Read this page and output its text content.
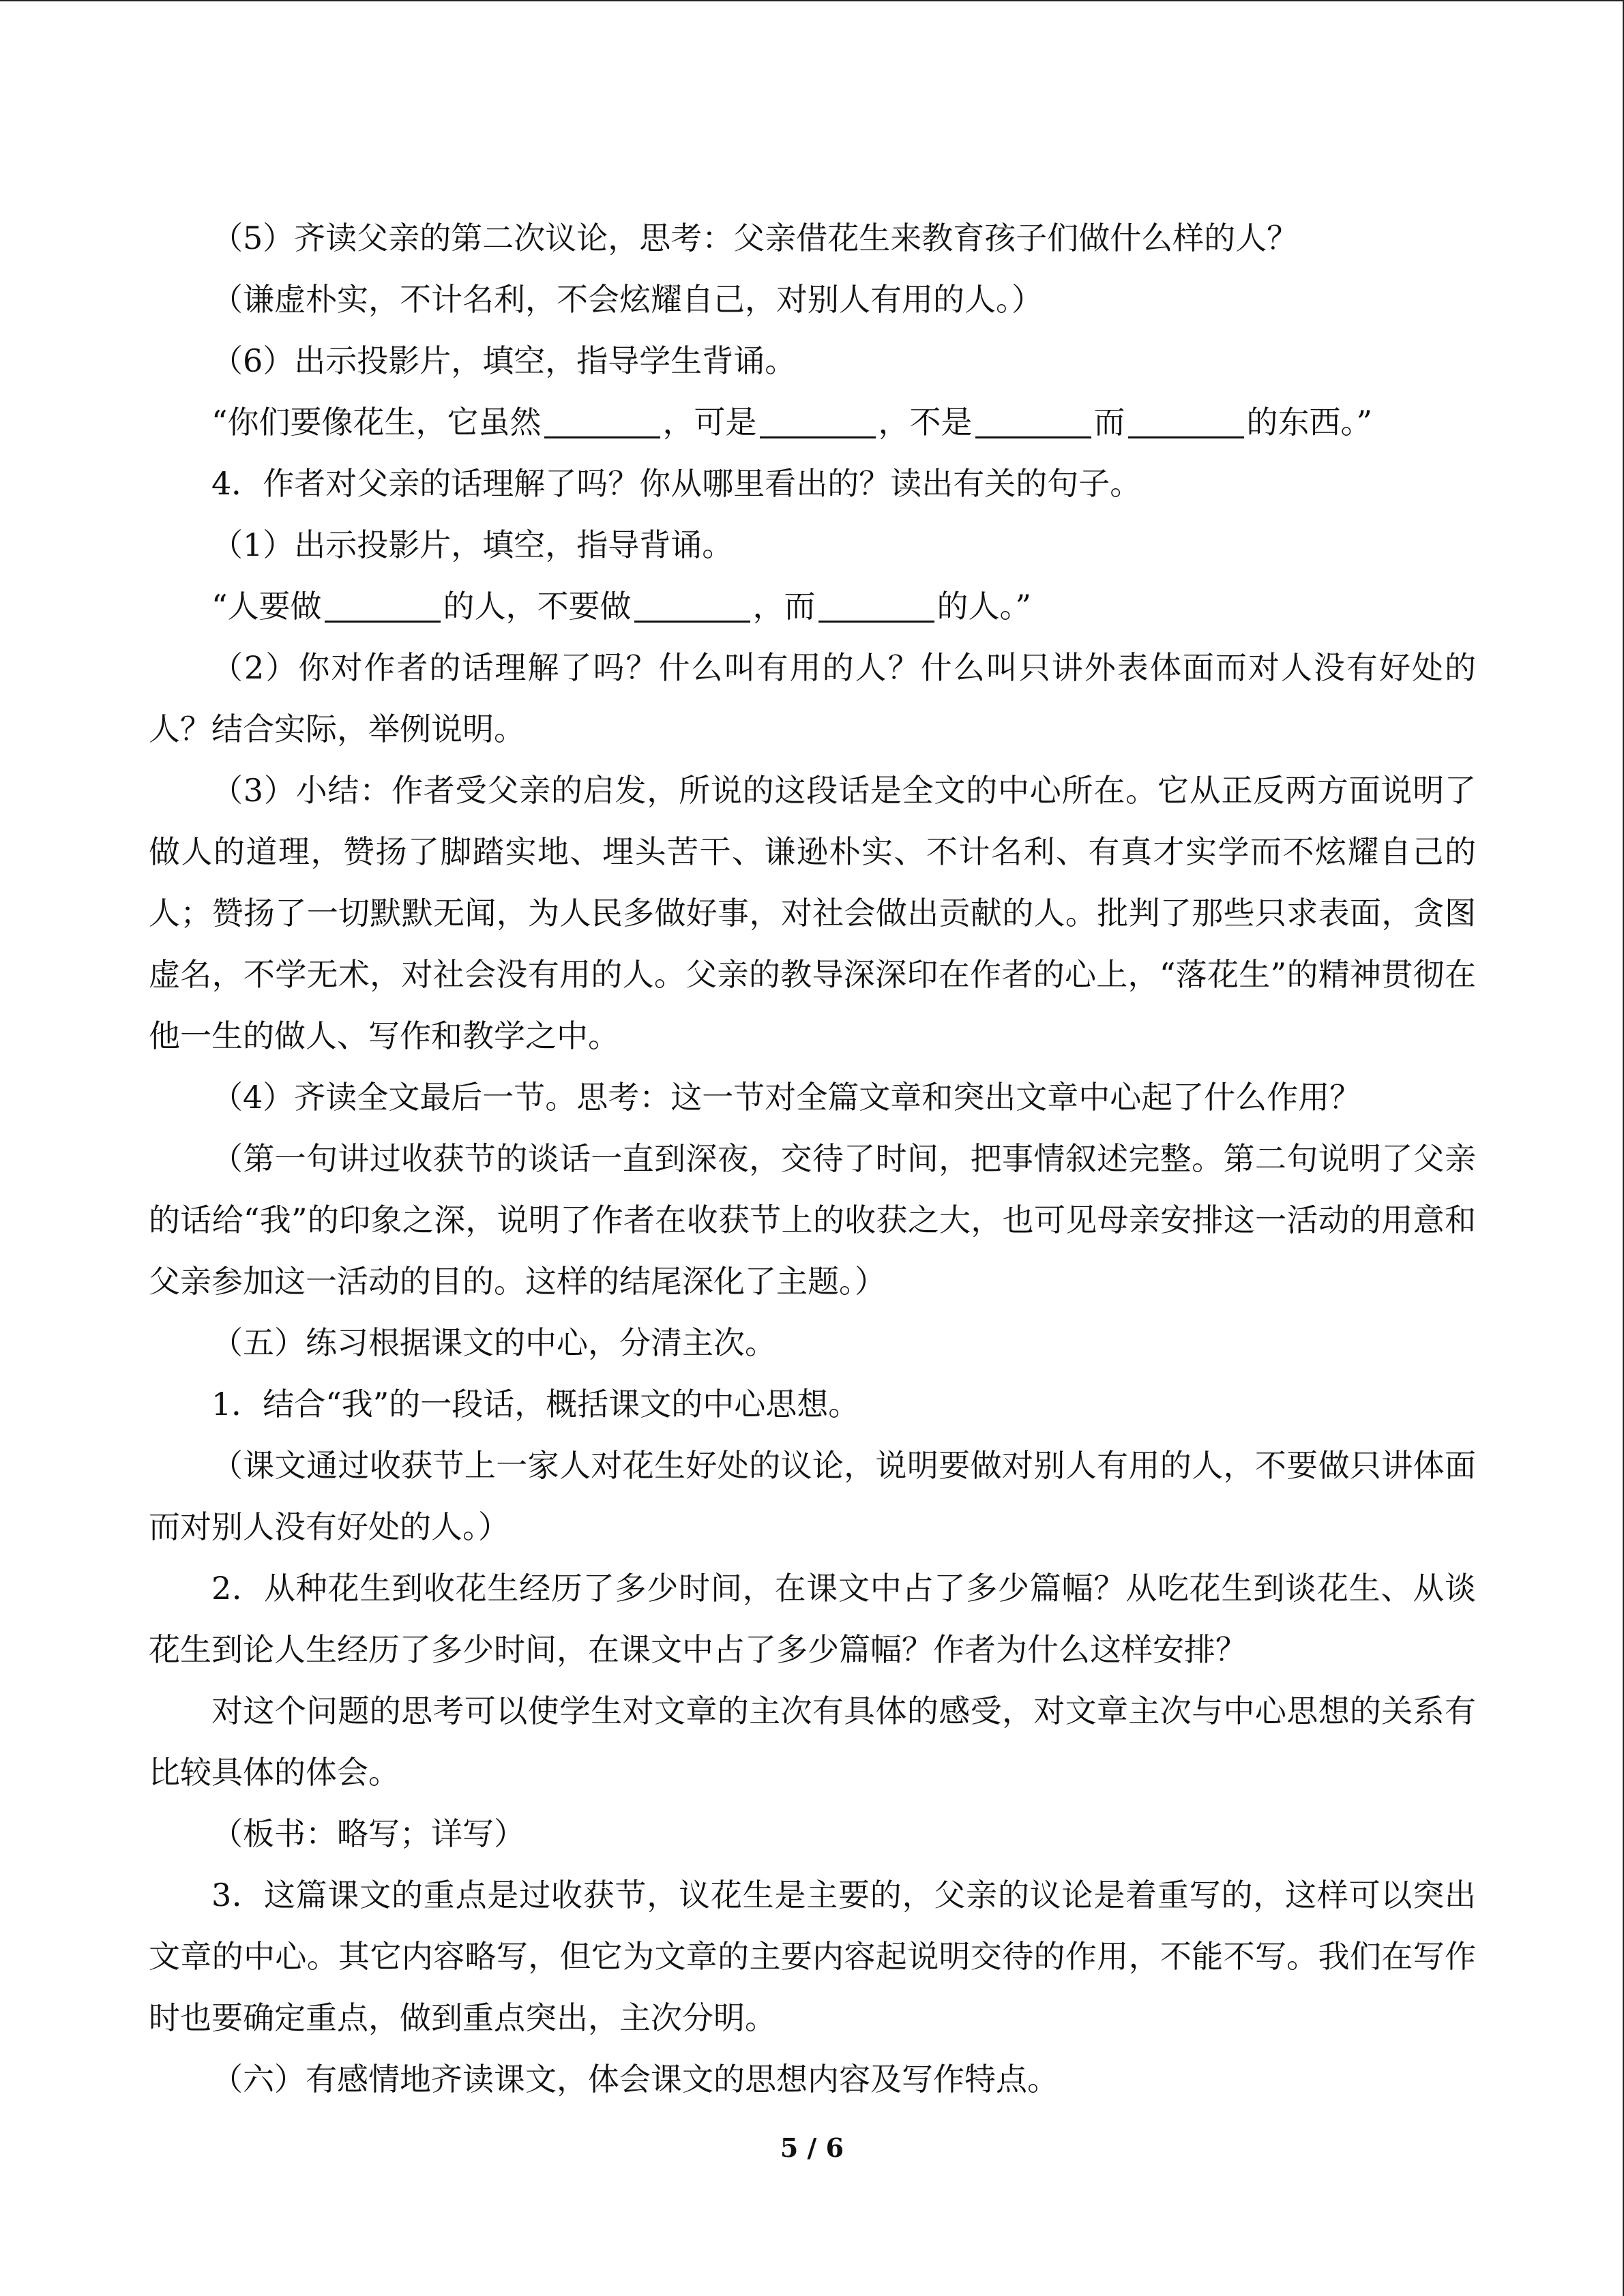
（5）齐读父亲的第二次议论，思考：父亲借花生来教育孩子们做什么样的人？

（谦虚朴实，不计名利，不会炫耀自己，对别人有用的人。）

（6）出示投影片，填空，指导学生背诵。

“你们要像花生，它虽然	，可是	，不是	而	的东西。”

4．作者对父亲的话理解了吗？你从哪里看出的？读出有关的句子。

（1）出示投影片，填空，指导背诵。

“人要做	的人，不要做	，而	的人。”

（2）你对作者的话理解了吗？什么叫有用的人？什么叫只讲外表体面而对人没有好处的人？结合实际，举例说明。

（3）小结：作者受父亲的启发，所说的这段话是全文的中心所在。它从正反两方面说明了做人的道理，赞扬了脚踏实地、埋头苦干、谦逊朴实、不计名利、有真才实学而不炫耀自己的人；赞扬了一切默默无闻，为人民多做好事，对社会做出贡献的人。批判了那些只求表面，贪图虚名，不学无术，对社会没有用的人。父亲的教导深深印在作者的心上，“落花生”的精神贯彻在他一生的做人、写作和教学之中。

（4）齐读全文最后一节。思考：这一节对全篇文章和突出文章中心起了什么作用？

（第一句讲过收获节的谈话一直到深夜，交待了时间，把事情叙述完整。第二句说明了父亲的话给“我”的印象之深，说明了作者在收获节上的收获之大，也可见母亲安排这一活动的用意和父亲参加这一活动的目的。这样的结尾深化了主题。）

（五）练习根据课文的中心，分清主次。

1．结合“我”的一段话，概括课文的中心思想。

（课文通过收获节上一家人对花生好处的议论，说明要做对别人有用的人，不要做只讲体面而对别人没有好处的人。）

2．从种花生到收花生经历了多少时间，在课文中占了多少篇幅？从吃花生到谈花生、从谈花生到论人生经历了多少时间，在课文中占了多少篇幅？作者为什么这样安排？

对这个问题的思考可以使学生对文章的主次有具体的感受，对文章主次与中心思想的关系有比较具体的体会。

（板书：略写；详写）

3．这篇课文的重点是过收获节，议花生是主要的，父亲的议论是着重写的，这样可以突出文章的中心。其它内容略写，但它为文章的主要内容起说明交待的作用，不能不写。我们在写作时也要确定重点，做到重点突出，主次分明。

（六）有感情地齐读课文，体会课文的思想内容及写作特点。

5 / 6
